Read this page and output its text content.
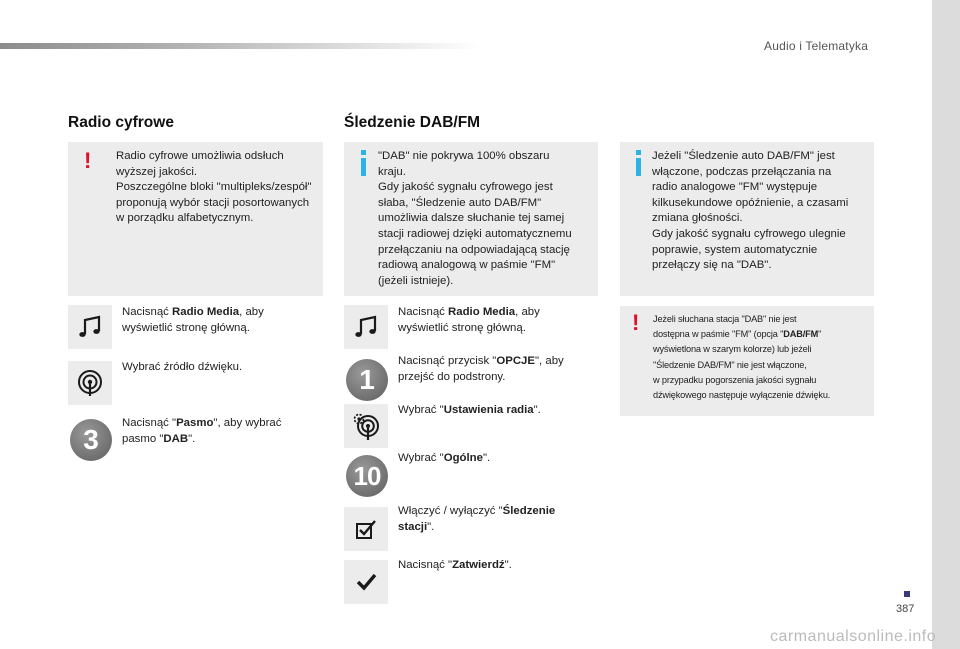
Audio i Telematyka
Radio cyfrowe
! Radio cyfrowe umożliwia odsłuch
wyższej jakości.
Poszczególne bloki "multipleks/zespół"
proponują wybór stacji posortowanych
w porządku alfabetycznym.
Nacisnąć Radio Media, aby wyświetlić stronę główną.
Wybrać źródło dźwięku.
3
Nacisnąć "Pasmo", aby wybrać pasmo "DAB".
Śledzenie DAB/FM
"DAB" nie pokrywa 100% obszaru
kraju.
Gdy jakość sygnału cyfrowego jest
słaba, "Śledzenie auto DAB/FM"
umożliwia dalsze słuchanie tej samej
stacji radiowej dzięki automatycznemu
przełączaniu na odpowiadającą stację
radiową analogową w paśmie "FM"
(jeżeli istnieje).
Nacisnąć Radio Media, aby wyświetlić stronę główną.
1
Nacisnąć przycisk "OPCJE", aby przejść do podstrony.
Wybrać "Ustawienia radia".
10
Wybrać "Ogólne".
Włączyć / wyłączyć "Śledzenie stacji".
Nacisnąć "Zatwierdź".
Jeżeli "Śledzenie auto DAB/FM" jest
włączone, podczas przełączania na
radio analogowe "FM" występuje
kilkusekundowe opóźnienie, a czasami
zmiana głośności.
Gdy jakość sygnału cyfrowego ulegnie
poprawie, system automatycznie
przełączy się na "DAB".
! Jeżeli słuchana stacja "DAB" nie jest
dostępna w paśmie "FM" (opcja "DAB/FM"
wyświetlona w szarym kolorze) lub jeżeli
"Śledzenie DAB/FM" nie jest włączone,
w przypadku pogorszenia jakości sygnału
dźwiękowego następuje wyłączenie dźwięku.
387
carmanualsonline.info
